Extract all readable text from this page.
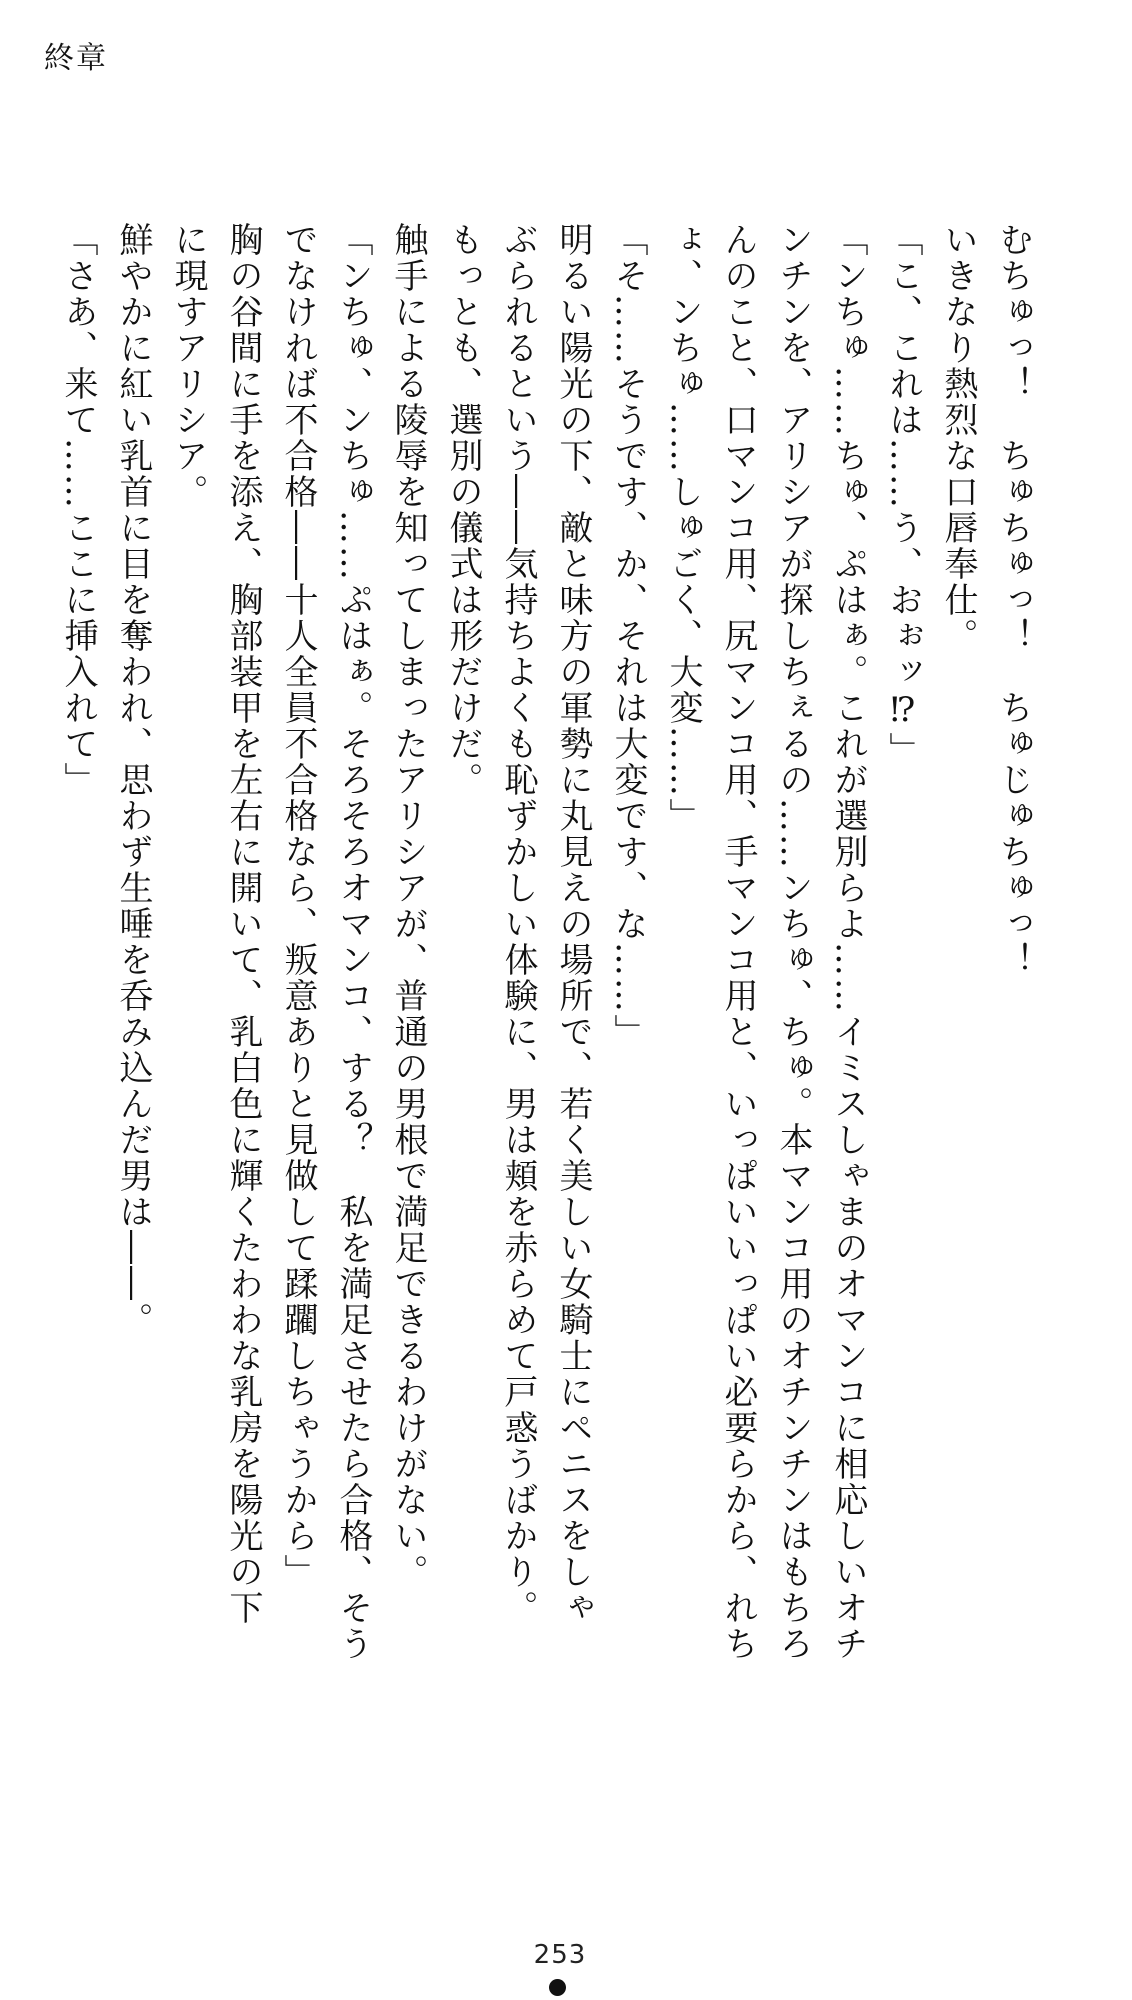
終章
むちゅっ！　ちゅちゅっ！　ちゅじゅちゅっ！
いきなり熱烈な口唇奉仕。
「こ、これは……う、おぉッ⁉」
「ンちゅ……ちゅ、ぷはぁ。これが選別らよ……イミスしゃまのオマンコに相応しいオチ
ンチンを、アリシアが探しちぇるの……ンちゅ、ちゅ。本マンコ用のオチンチンはもちろ
んのこと、口マンコ用、尻マンコ用、手マンコ用と、いっぱいいっぱい必要らから、れち
ょ、ンちゅ……しゅごく、大変……」
「そ……そうです、か、それは大変です、な……」
明るい陽光の下、敵と味方の軍勢に丸見えの場所で、若く美しい女騎士にペニスをしゃ
ぶられるという――気持ちよくも恥ずかしい体験に、男は頬を赤らめて戸惑うばかり。
もっとも、選別の儀式は形だけだ。
触手による陵辱を知ってしまったアリシアが、普通の男根で満足できるわけがない。
「ンちゅ、ンちゅ……ぷはぁ。そろそろオマンコ、する？　私を満足させたら合格、そう
でなければ不合格――十人全員不合格なら、叛意ありと見做して蹂躙しちゃうから」
胸の谷間に手を添え、胸部装甲を左右に開いて、乳白色に輝くたわわな乳房を陽光の下
に現すアリシア。
鮮やかに紅い乳首に目を奪われ、思わず生唾を呑み込んだ男は――。
「さあ、来て……ここに挿入れて」
253
